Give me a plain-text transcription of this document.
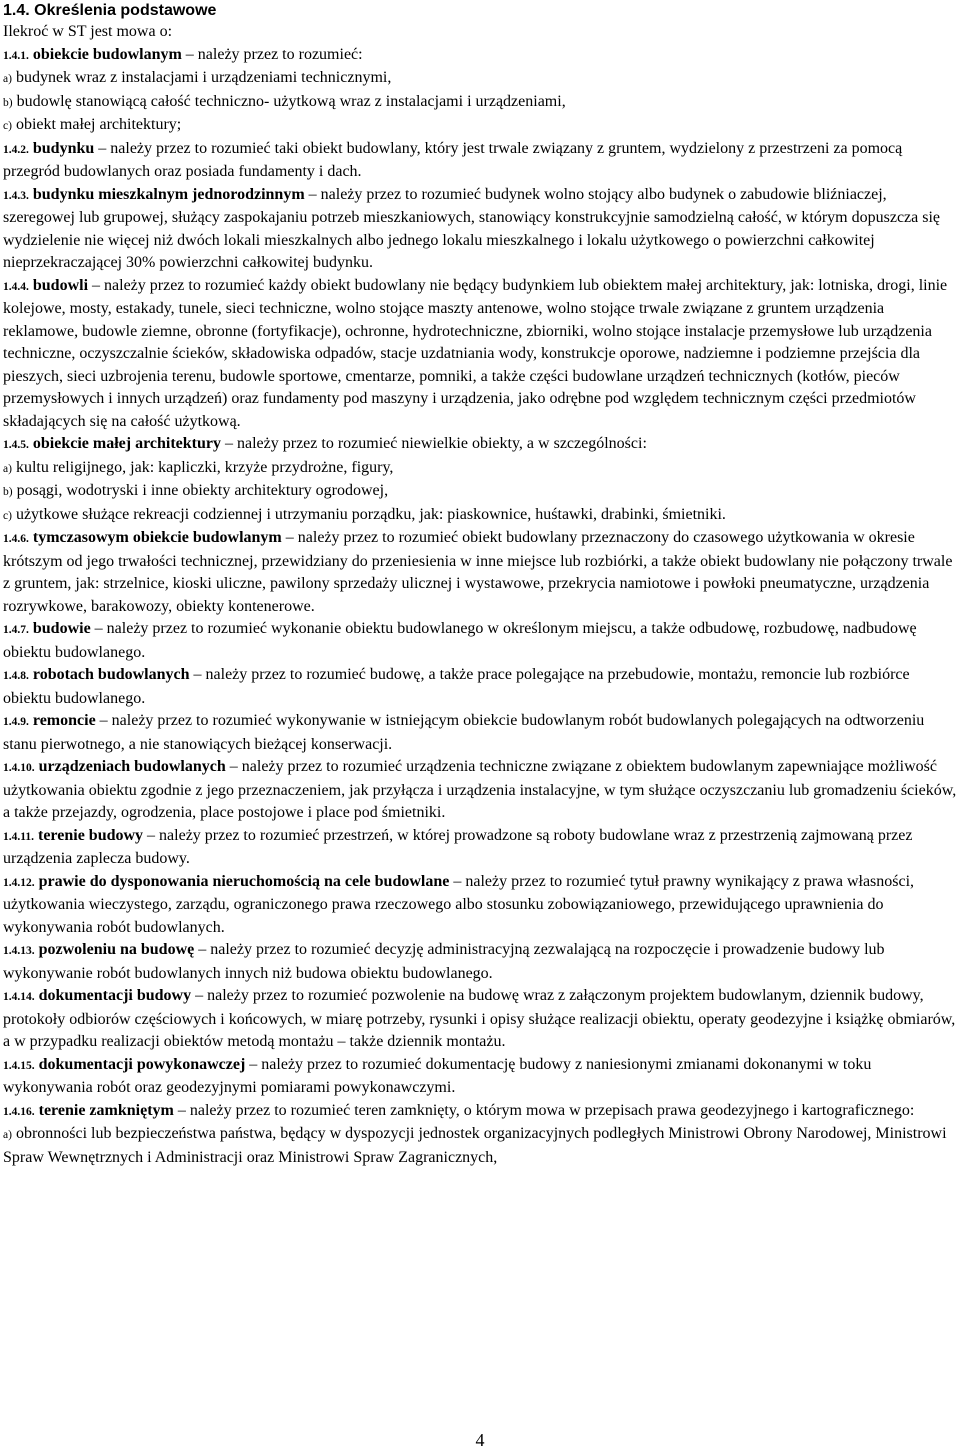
1.4. Określenia podstawowe

Ilekroć w ST jest mowa o:

1.4.1. obiekcie budowlanym – należy przez to rozumieć:

a) budynek wraz z instalacjami i urządzeniami technicznymi,

b) budowlę stanowiącą całość techniczno- użytkową wraz z instalacjami i urządzeniami,

c) obiekt małej architektury;

1.4.2. budynku – należy przez to rozumieć taki obiekt budowlany, który jest trwale związany z gruntem, wydzielony z przestrzeni za pomocą przegród budowlanych oraz posiada fundamenty i dach.

1.4.3. budynku mieszkalnym jednorodzinnym – należy przez to rozumieć budynek wolno stojący albo budynek o zabudowie bliźniaczej, szeregowej lub grupowej, służący zaspokajaniu potrzeb mieszkaniowych, stanowiący konstrukcyjnie samodzielną całość, w którym dopuszcza się wydzielenie nie więcej niż dwóch lokali mieszkalnych albo jednego lokalu mieszkalnego i lokalu użytkowego o powierzchni całkowitej nieprzekraczającej 30% powierzchni całkowitej budynku.

1.4.4. budowli – należy przez to rozumieć każdy obiekt budowlany nie będący budynkiem lub obiektem małej architektury, jak: lotniska, drogi, linie kolejowe, mosty, estakady, tunele, sieci techniczne, wolno stojące maszty antenowe, wolno stojące trwale związane z gruntem urządzenia reklamowe, budowle ziemne, obronne (fortyfikacje), ochronne, hydrotechniczne, zbiorniki, wolno stojące instalacje przemysłowe lub urządzenia techniczne, oczyszczalnie ścieków, składowiska odpadów, stacje uzdatniania wody, konstrukcje oporowe, nadziemne i podziemne przejścia dla pieszych, sieci uzbrojenia terenu, budowle sportowe, cmentarze, pomniki, a także części budowlane urządzeń technicznych (kotłów, pieców przemysłowych i innych urządzeń) oraz fundamenty pod maszyny i urządzenia, jako odrębne pod względem technicznym części przedmiotów składających się na całość użytkową.

1.4.5. obiekcie małej architektury – należy przez to rozumieć niewielkie obiekty, a w szczególności:

a) kultu religijnego, jak: kapliczki, krzyże przydrożne, figury,

b) posągi, wodotryski i inne obiekty architektury ogrodowej,

c) użytkowe służące rekreacji codziennej i utrzymaniu porządku, jak: piaskownice, huśtawki, drabinki, śmietniki.

1.4.6. tymczasowym obiekcie budowlanym – należy przez to rozumieć obiekt budowlany przeznaczony do czasowego użytkowania w okresie krótszym od jego trwałości technicznej, przewidziany do przeniesienia w inne miejsce lub rozbiórki, a także obiekt budowlany nie połączony trwale z gruntem, jak: strzelnice, kioski uliczne, pawilony sprzedaży ulicznej i wystawowe, przekrycia namiotowe i powłoki pneumatyczne, urządzenia rozrywkowe, barakowozy, obiekty kontenerowe.

1.4.7. budowie – należy przez to rozumieć wykonanie obiektu budowlanego w określonym miejscu, a także odbudowę, rozbudowę, nadbudowę obiektu budowlanego.

1.4.8. robotach budowlanych – należy przez to rozumieć budowę, a także prace polegające na przebudowie, montażu, remoncie lub rozbiórce obiektu budowlanego.

1.4.9. remoncie – należy przez to rozumieć wykonywanie w istniejącym obiekcie budowlanym robót budowlanych polegających na odtworzeniu stanu pierwotnego, a nie stanowiących bieżącej konserwacji.

1.4.10. urządzeniach budowlanych – należy przez to rozumieć urządzenia techniczne związane z obiektem budowlanym zapewniające możliwość użytkowania obiektu zgodnie z jego przeznaczeniem, jak przyłącza i urządzenia instalacyjne, w tym służące oczyszczaniu lub gromadzeniu ścieków, a także przejazdy, ogrodzenia, place postojowe i place pod śmietniki.

1.4.11. terenie budowy – należy przez to rozumieć przestrzeń, w której prowadzone są roboty budowlane wraz z przestrzenią zajmowaną przez urządzenia zaplecza budowy.

1.4.12. prawie do dysponowania nieruchomością na cele budowlane – należy przez to rozumieć tytuł prawny wynikający z prawa własności, użytkowania wieczystego, zarządu, ograniczonego prawa rzeczowego albo stosunku zobowiązaniowego, przewidującego uprawnienia do wykonywania robót budowlanych.

1.4.13. pozwoleniu na budowę – należy przez to rozumieć decyzję administracyjną zezwalającą na rozpoczęcie i prowadzenie budowy lub wykonywanie robót budowlanych innych niż budowa obiektu budowlanego.

1.4.14. dokumentacji budowy – należy przez to rozumieć pozwolenie na budowę wraz z załączonym projektem budowlanym, dziennik budowy, protokoły odbiorów częściowych i końcowych, w miarę potrzeby, rysunki i opisy służące realizacji obiektu, operaty geodezyjne i książkę obmiarów, a w przypadku realizacji obiektów metodą montażu – także dziennik montażu.

1.4.15. dokumentacji powykonawczej – należy przez to rozumieć dokumentację budowy z naniesionymi zmianami dokonanymi w toku wykonywania robót oraz geodezyjnymi pomiarami powykonawczymi.

1.4.16. terenie zamkniętym – należy przez to rozumieć teren zamknięty, o którym mowa w przepisach prawa geodezyjnego i kartograficznego:

a) obronności lub bezpieczeństwa państwa, będący w dyspozycji jednostek organizacyjnych podległych Ministrowi Obrony Narodowej, Ministrowi Spraw Wewnętrznych i Administracji oraz Ministrowi Spraw Zagranicznych,

4
